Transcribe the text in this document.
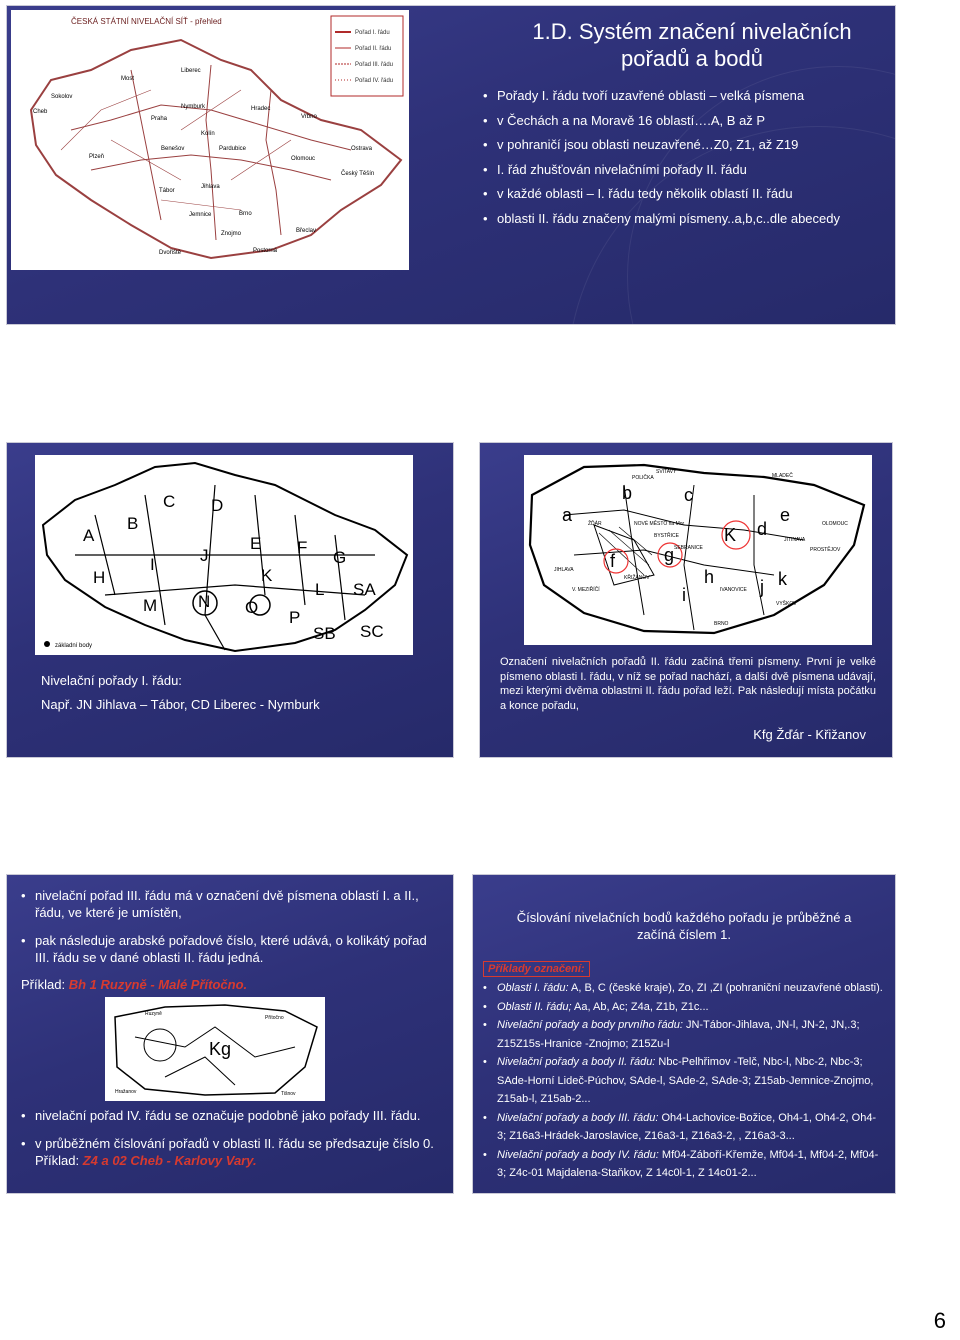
ČESKÁ STÁTNÍ NIVELAČNÍ SÍŤ - přehled
Pořad I. řádu
Pořad II. řádu
Pořad III. řádu
Pořad IV. řádu
Cheb
Plzeň
Praha
Tábor
Brno
Olomouc
Jihlava
Pardubice
Liberec
Kolín
Český Těšín
Znojmo	Břeclav
Sokolov
Nymburk
Most
Hradec
Dvořiště	Postorná
Jemnice
Benešov
Vrbno
Ostrava
1.D. Systém značení nivelačních
pořadů a bodů
• Pořady I. řádu tvoří uzavřené oblasti – velká písmena
• v Čechách a na Moravě 16 oblastí….A, B až P
• v pohraničí jsou oblasti neuzavřené…Z0, Z1, až Z19
• I. řád zhušťován nivelačními pořady II. řádu
• v každé oblasti – I. řádu tedy několik oblastí II. řádu
• oblasti II. řádu značeny malými písmeny..a,b,c..dle abecedy
A
B
C D
E F
G
H
I	J
K
L
M N O
P
SA
SB SC
základní body
Nivelační pořady I. řádu:
Např. JN Jihlava – Tábor, CD Liberec - Nymburk
a
b	c
d
e
f	g
h
i	j k
K
SVITAVY
POLIČKA	MLADEČ
ŽĎÁR	NOVÉ MĚSTO na Mor.
BYSTŘICE
OLOMOUC
JIHLAVA
V. MEZIŘÍČÍ
KŘIŽANOV
PROSTĚJOV
VYŠKOV
BRNO
IVANOVICE
SEBRANICE
JITINAVA
Označení nivelačních pořadů II. řádu začíná třemi písmeny. První je velké písmeno oblasti I. řádu, v níž se pořad nachází, a další dvě písmena udávají, mezi kterými dvěma oblastmi II. řádu pořad leží. Pak následují místa počátku a konce pořadu,
Kfg Žďár - Křižanov
• nivelační pořad III. řádu má v označení dvě písmena oblastí I. a II., řádu, ve které je umístěn,
• pak následuje arabské pořadové číslo, které udává, o kolikátý pořad III. řádu se v dané oblasti II. řádu jedná.
Příklad: Bh 1 Ruzyně - Malé Přítočno.
Kg
Ruzyně
Přítočno
Tišnov
Hražanov
• nivelační pořad IV. řádu se označuje podobně jako pořady III. řádu.
• v průběžném číslování pořadů v oblasti II. řádu se předsazuje číslo 0. Příklad: Z4 a 02 Cheb - Karlovy Vary.
Číslování nivelačních bodů každého pořadu je průběžné a začíná číslem 1.
Příklady označení:
• Oblasti I. řádu: A, B, C (české kraje), Zo, ZI ,ZI (pohraniční neuzavřené oblasti).
• Oblasti II. řádu; Aa, Ab, Ac; Z4a, Z1b, Z1c...
• Nivelační pořady a body prvního řádu: JN-Tábor-Jihlava, JN-l, JN-2, JN,.3; Z15Z15s-Hranice -Znojmo; Z15Zu-l
• Nivelační pořady a body II. řádu: Nbc-Pelhřimov -Telč, Nbc-l, Nbc-2, Nbc-3; SAde-Horní Lideč-Púchov, SAde-l, SAde-2, SAde-3; Z15ab-Jemnice-Znojmo, Z15ab-l, Z15ab-2...
• Nivelační pořady a body III. řádu: Oh4-Lachovice-Božice, Oh4-1, Oh4-2, Oh4-3; Z16a3-Hrádek-Jaroslavice, Z16a3-1, Z16a3-2, , Z16a3-3...
• Nivelační pořady a body IV. řádu: Mf04-Záboří-Křemže, Mf04-1, Mf04-2, Mf04-3; Z4c-01 Majdalena-Staňkov, Z 14c0l-1, Z 14c01-2...
6
